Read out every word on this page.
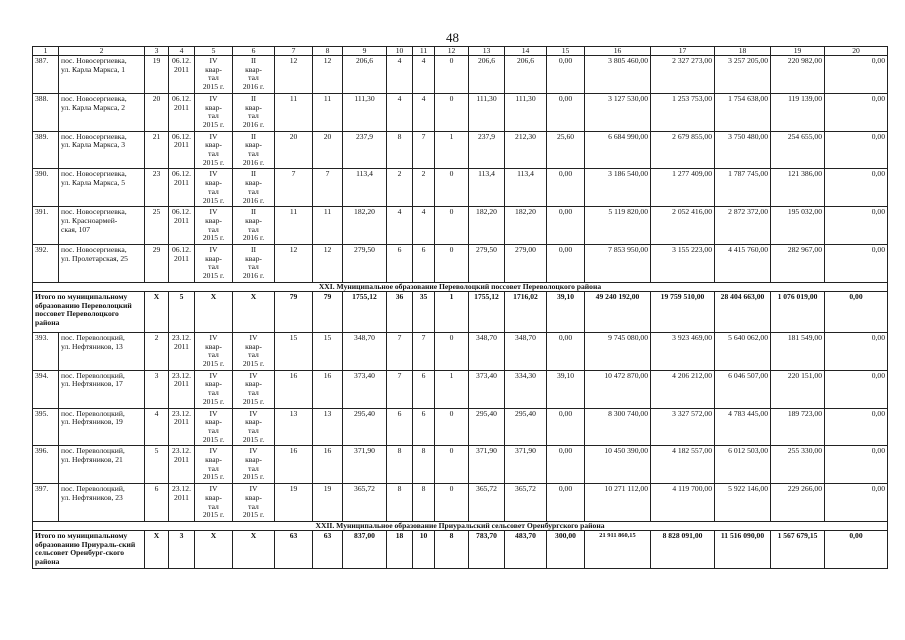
48
1	2	3	4	5	6	7	8	9	10	11	12	13	14	15	16	17	18	19	20
387.	пос. Новосергиевка,
ул. Карла Маркса, 1	19	06.12.
2011	IV
квар-
тал
2015 г.	II
квар-
тал
2016 г.	12	12	206,6	4	4	0	206,6	206,6	0,00	3 805 460,00	2 327 273,00	3 257 205,00	220 982,00	0,00
388.	пос. Новосергиевка,
ул. Карла Маркса, 2	20	06.12.
2011	IV
квар-
тал
2015 г.	II
квар-
тал
2016 г.	11	11	111,30	4	4	0	111,30	111,30	0,00	3 127 530,00	1 253 753,00	1 754 638,00	119 139,00	0,00
389.	пос. Новосергиевка,
ул. Карла Маркса, 3	21	06.12.
2011	IV
квар-
тал
2015 г.	II
квар-
тал
2016 г.	20	20	237,9	8	7	1	237,9	212,30	25,60	6 684 990,00	2 679 855,00	3 750 480,00	254 655,00	0,00
390.	пос. Новосергиевка,
ул. Карла Маркса, 5	23	06.12.
2011	IV
квар-
тал
2015 г.	II
квар-
тал
2016 г.	7	7	113,4	2	2	0	113,4	113,4	0,00	3 186 540,00	1 277 409,00	1 787 745,00	121 386,00	0,00
391.	пос. Новосергиевка,
ул. Красноармей-
ская, 107	25	06.12.
2011	IV
квар-
тал
2015 г.	II
квар-
тал
2016 г.	11	11	182,20	4	4	0	182,20	182,20	0,00	5 119 820,00	2 052 416,00	2 872 372,00	195 032,00	0,00
392.	пос. Новосергиевка,
ул. Пролетарская, 25	29	06.12.
2011	IV
квар-
тал
2015 г.	II
квар-
тал
2016 г.	12	12	279,50	6	6	0	279,50	279,00	0,00	7 853 950,00	3 155 223,00	4 415 760,00	282 967,00	0,00
XXI. Муниципальное образование Переволоцкий поссовет Переволоцкого района																			
Итого по муниципальному образованию Переволоцкий поссовет Переволоцкого района		X	5	X	X	79	79	1755,12	36	35	1	1755,12	1716,02	39,10	49 240 192,00	19 759 510,00	28 404 663,00	1 076 019,00	0,00
393.	пос. Переволоцкий,
ул. Нефтяников, 13	2	23.12.
2011	IV
квар-
тал
2015 г.	IV
квар-
тал
2015 г.	15	15	348,70	7	7	0	348,70	348,70	0,00	9 745 080,00	3 923 469,00	5 640 062,00	181 549,00	0,00
394.	пос. Переволоцкий,
ул. Нефтяников, 17	3	23.12.
2011	IV
квар-
тал
2015 г.	IV
квар-
тал
2015 г.	16	16	373,40	7	6	1	373,40	334,30	39,10	10 472 870,00	4 206 212,00	6 046 507,00	220 151,00	0,00
395.	пос. Переволоцкий,
ул. Нефтяников, 19	4	23.12.
2011	IV
квар-
тал
2015 г.	IV
квар-
тал
2015 г.	13	13	295,40	6	6	0	295,40	295,40	0,00	8 300 740,00	3 327 572,00	4 783 445,00	189 723,00	0,00
396.	пос. Переволоцкий,
ул. Нефтяников, 21	5	23.12.
2011	IV
квар-
тал
2015 г.	IV
квар-
тал
2015 г.	16	16	371,90	8	8	0	371,90	371,90	0,00	10 450 390,00	4 182 557,00	6 012 503,00	255 330,00	0,00
397.	пос. Переволоцкий,
ул. Нефтяников, 23	6	23.12.
2011	IV
квар-
тал
2015 г.	IV
квар-
тал
2015 г.	19	19	365,72	8	8	0	365,72	365,72	0,00	10 271 112,00	4 119 700,00	5 922 146,00	229 266,00	0,00
XXII. Муниципальное образование Приуральский сельсовет Оренбургского района																			
Итого по муниципальному образованию Приураль-ский сельсовет Оренбург-ского района		X	3	X	X	63	63	837,00	18	10	8	783,70	483,70	300,00	21 911 860,15	8 828 091,00	11 516 090,00	1 567 679,15	0,00
